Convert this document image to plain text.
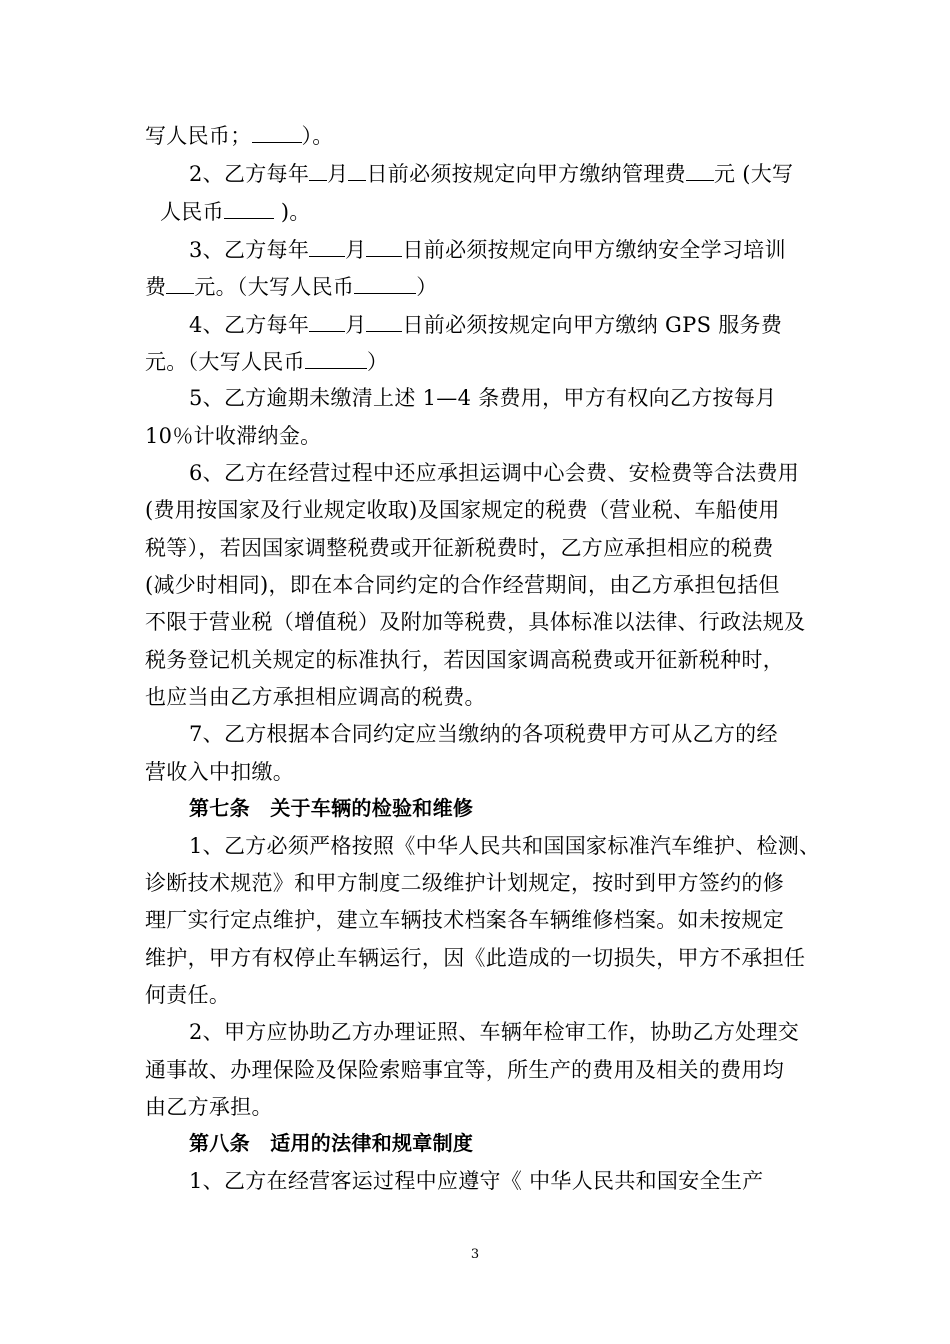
写人民币； ）。
2、乙方每年 月 日前必须按规定向甲方缴纳管理费 元 (大写
人民币 )。
3、乙方每年 月 日前必须按规定向甲方缴纳安全学习培训
费 元。（大写人民币	）
4、乙方每年 月 日前必须按规定向甲方缴纳 GPS 服务费
元。（大写人民币	）
5、乙方逾期未缴清上述 1—4 条费用，甲方有权向乙方按每月
10％计收滞纳金。
6、乙方在经营过程中还应承担运调中心会费、安检费等合法费用
(费用按国家及行业规定收取)及国家规定的税费（营业税、车船使用
税等），若因国家调整税费或开征新税费时，乙方应承担相应的税费
(减少时相同)，即在本合同约定的合作经营期间，由乙方承担包括但
不限于营业税（增值税）及附加等税费，具体标准以法律、行政法规及
税务登记机关规定的标准执行，若因国家调高税费或开征新税种时，
也应当由乙方承担相应调高的税费。
7、乙方根据本合同约定应当缴纳的各项税费甲方可从乙方的经
营收入中扣缴。
第七条　关于车辆的检验和维修
1、乙方必须严格按照《中华人民共和国国家标准汽车维护、检测、
诊断技术规范》和甲方制度二级维护计划规定，按时到甲方签约的修
理厂实行定点维护，建立车辆技术档案各车辆维修档案。如未按规定
维护，甲方有权停止车辆运行，因《此造成的一切损失，甲方不承担任
何责任。
2、甲方应协助乙方办理证照、车辆年检审工作，协助乙方处理交
通事故、办理保险及保险索赔事宜等，所生产的费用及相关的费用均
由乙方承担。
第八条　适用的法律和规章制度
1、乙方在经营客运过程中应遵守《 中华人民共和国安全生产
3
